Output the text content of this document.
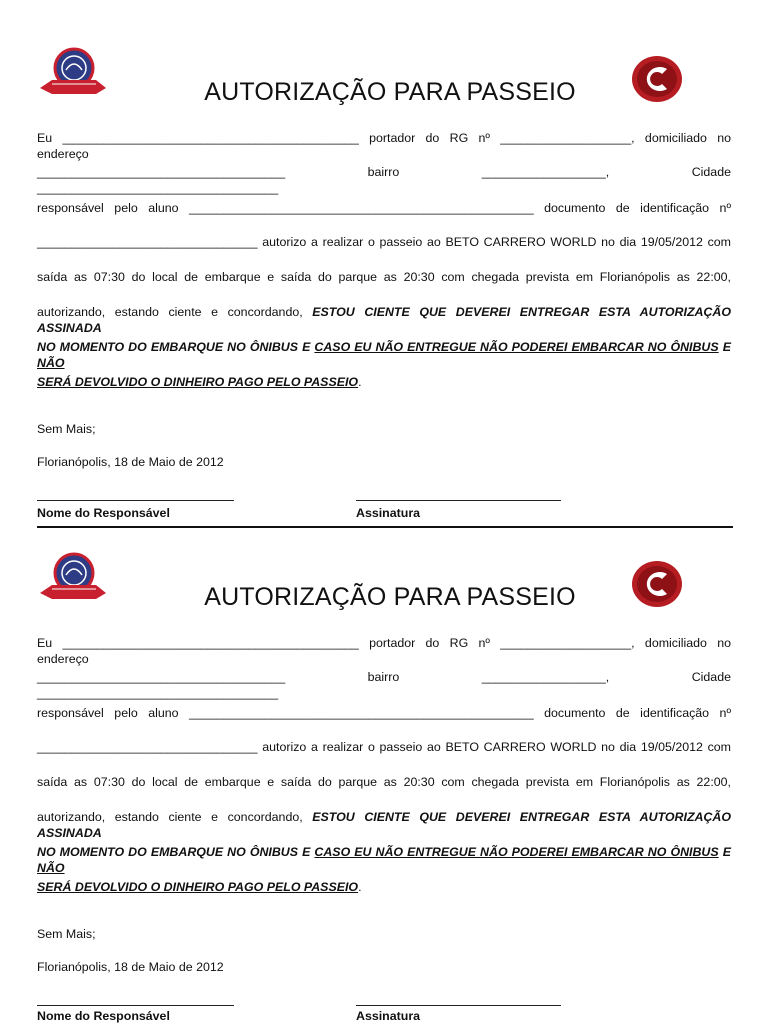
AUTORIZAÇÃO PARA PASSEIO
Eu ___________________________________________ portador do RG nº ___________________, domiciliado no endereço
____________________________________	bairro __________________,	Cidade ___________________________________
responsável pelo aluno __________________________________________________ documento de identificação nº
________________________________ autorizo a realizar o passeio ao BETO CARRERO WORLD no dia 19/05/2012 com
saída as 07:30 do local de embarque e saída do parque as 20:30 com chegada prevista em Florianópolis as 22:00,
autorizando, estando ciente e concordando, ESTOU CIENTE QUE DEVEREI ENTREGAR ESTA AUTORIZAÇÃO ASSINADA
NO MOMENTO DO EMBARQUE NO ÔNIBUS E CASO EU NÃO ENTREGUE NÃO PODEREI EMBARCAR NO ÔNIBUS E NÃO
SERÁ DEVOLVIDO O DINHEIRO PAGO PELO PASSEIO.
Sem Mais;
Florianópolis, 18 de Maio de 2012
Nome do Responsável	Assinatura
AUTORIZAÇÃO PARA PASSEIO
Eu ___________________________________________ portador do RG nº ___________________, domiciliado no endereço
____________________________________	bairro __________________,	Cidade ___________________________________
responsável pelo aluno __________________________________________________ documento de identificação nº
________________________________ autorizo a realizar o passeio ao BETO CARRERO WORLD no dia 19/05/2012 com
saída as 07:30 do local de embarque e saída do parque as 20:30 com chegada prevista em Florianópolis as 22:00,
autorizando, estando ciente e concordando, ESTOU CIENTE QUE DEVEREI ENTREGAR ESTA AUTORIZAÇÃO ASSINADA
NO MOMENTO DO EMBARQUE NO ÔNIBUS E CASO EU NÃO ENTREGUE NÃO PODEREI EMBARCAR NO ÔNIBUS E NÃO
SERÁ DEVOLVIDO O DINHEIRO PAGO PELO PASSEIO.
Sem Mais;
Florianópolis, 18 de Maio de 2012
Nome do Responsável	Assinatura
